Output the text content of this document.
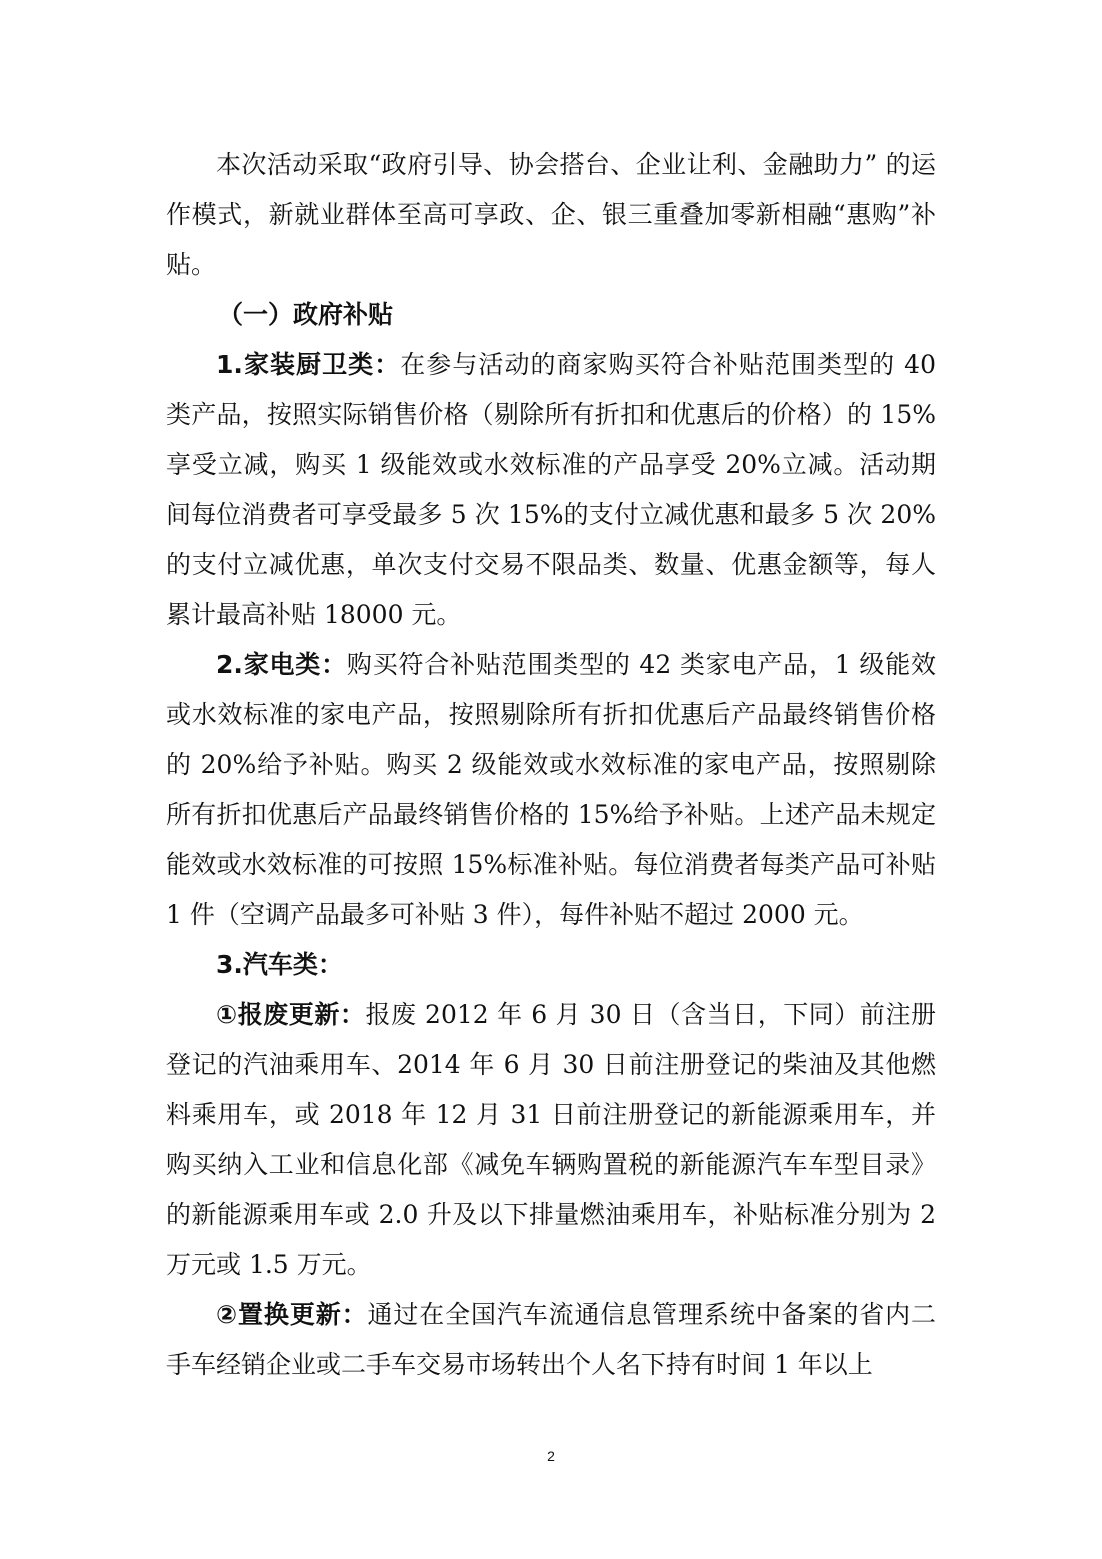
本次活动采取“政府引导、协会搭台、企业让利、金融助力” 的运作模式，新就业群体至高可享政、企、银三重叠加零新相融“惠购”补贴。

（一）政府补贴

1.家装厨卫类：在参与活动的商家购买符合补贴范围类型的 40 类产品，按照实际销售价格（剔除所有折扣和优惠后的价格）的 15%享受立减，购买 1 级能效或水效标准的产品享受 20%立减。活动期间每位消费者可享受最多 5 次 15%的支付立减优惠和最多 5 次 20%的支付立减优惠，单次支付交易不限品类、数量、优惠金额等，每人累计最高补贴 18000 元。

2.家电类：购买符合补贴范围类型的 42 类家电产品，1 级能效或水效标准的家电产品，按照剔除所有折扣优惠后产品最终销售价格的 20%给予补贴。购买 2 级能效或水效标准的家电产品，按照剔除所有折扣优惠后产品最终销售价格的 15%给予补贴。上述产品未规定能效或水效标准的可按照 15%标准补贴。每位消费者每类产品可补贴 1 件（空调产品最多可补贴 3 件），每件补贴不超过 2000 元。

3.汽车类：

①报废更新：报废 2012 年 6 月 30 日（含当日，下同）前注册登记的汽油乘用车、2014 年 6 月 30 日前注册登记的柴油及其他燃料乘用车，或 2018 年 12 月 31 日前注册登记的新能源乘用车，并购买纳入工业和信息化部《减免车辆购置税的新能源汽车车型目录》的新能源乘用车或 2.0 升及以下排量燃油乘用车，补贴标准分别为 2 万元或 1.5 万元。

②置换更新：通过在全国汽车流通信息管理系统中备案的省内二手车经销企业或二手车交易市场转出个人名下持有时间 1 年以上

2
